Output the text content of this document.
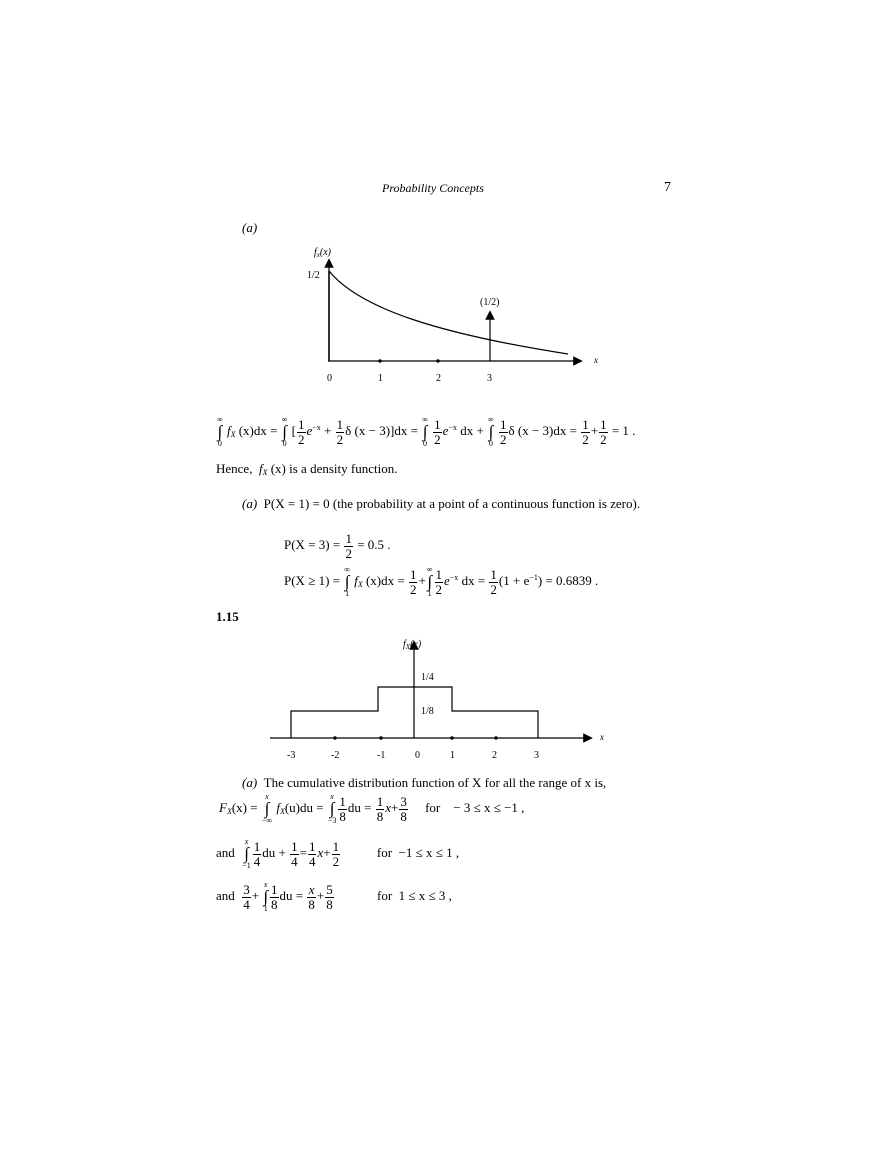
Probability Concepts	7
(a)
$f_x(x)$
1/2
(1/2)
x
0	1	2	3
∞
∫
0
$f_X$ (x)dx =
∞
∫
0
[ $\frac{1}{2} e^{-x} + \frac{1}{2}$ δ (x − 3)]dx =
∞
∫
0
$\frac{1}{2} e^{-x}$ dx +
∞
∫
0
$\frac{1}{2}$ δ $(x - 3)dx = \frac{1}{2} + \frac{1}{2} = 1$ .
Hence, $f_X$ (x) is a density function.
(a) P(X = 1) = 0 (the probability at a point of a continuous function is zero).
$P(X = 3) = \frac{1}{2} = 0.5$ .
P(X ≥ 1) =
∞
∫
1
$f_X$ $(x)dx = \frac{1}{2}$ +
∞
∫
$1 \frac{1}{2} e^{-x}$ dx = $\frac{1}{2} (1 + e^{-1}) = 0.6839$ .
1.15
$f_X(x)$
1/4
1/8
x
-3	-2	-1	0	1	2	3
(a) The cumulative distribution function of X for all the range of x is,
$F_X(x)$ =
x
∫
−∞
$f_X(u)du$ =
x
∫
$-3 \frac{1}{8}$ du = $\frac{1}{8} x+ \frac{3}{8}$ for − 3 ≤ x ≤ −1 ,
and
x
∫
$-1 \frac{1}{4}$ du + $\frac{1}{4} = \frac{1}{4} x+ \frac{1}{2}$	for −1 ≤ x ≤ 1 ,
and $\frac{3}{4}$ +
x
∫
$1 \frac{1}{8}$ du = $\frac{x}{8} + \frac{5}{8}$	for 1 ≤ x ≤ 3 ,
